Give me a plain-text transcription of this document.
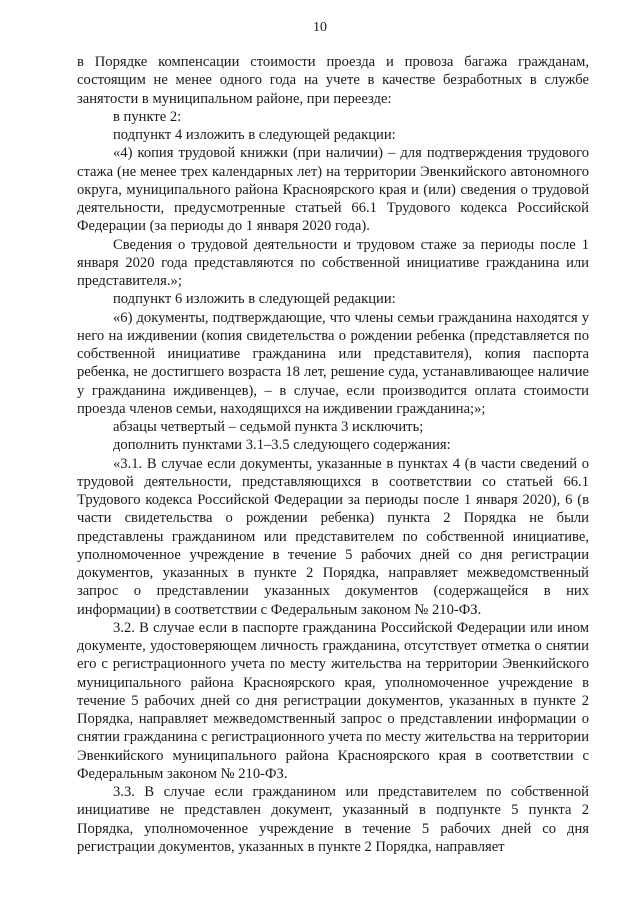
10

в Порядке компенсации стоимости проезда и провоза багажа гражданам, состоящим не менее одного года на учете в качестве безработных в службе занятости в муниципальном районе, при переезде:

в пункте 2:

подпункт 4 изложить в следующей редакции:

«4) копия трудовой книжки (при наличии) – для подтверждения трудового стажа (не менее трех календарных лет) на территории Эвенкийского автономного округа, муниципального района Красноярского края и (или) сведения о трудовой деятельности, предусмотренные статьей 66.1 Трудового кодекса Российской Федерации (за периоды до 1 января 2020 года).

Сведения о трудовой деятельности и трудовом стаже за периоды после 1 января 2020 года представляются по собственной инициативе гражданина или представителя.»;

подпункт 6 изложить в следующей редакции:

«6) документы, подтверждающие, что члены семьи гражданина находятся у него на иждивении (копия свидетельства о рождении ребенка (представляется по собственной инициативе гражданина или представителя), копия паспорта ребенка, не достигшего возраста 18 лет, решение суда, устанавливающее наличие у гражданина иждивенцев), – в случае, если производится оплата стоимости проезда членов семьи, находящихся на иждивении гражданина;»;

абзацы четвертый – седьмой пункта 3 исключить;

дополнить пунктами 3.1–3.5 следующего содержания:

«3.1. В случае если документы, указанные в пунктах 4 (в части сведений о трудовой деятельности, представляющихся в соответствии со статьей 66.1 Трудового кодекса Российской Федерации за периоды после 1 января 2020), 6 (в части свидетельства о рождении ребенка) пункта 2 Порядка не были представлены гражданином или представителем по собственной инициативе, уполномоченное учреждение в течение 5 рабочих дней со дня регистрации документов, указанных в пункте 2 Порядка, направляет межведомственный запрос о представлении указанных документов (содержащейся в них информации) в соответствии с Федеральным законом № 210-ФЗ.

3.2. В случае если в паспорте гражданина Российской Федерации или ином документе, удостоверяющем личность гражданина, отсутствует отметка о снятии его с регистрационного учета по месту жительства на территории Эвенкийского муниципального района Красноярского края, уполномоченное учреждение в течение 5 рабочих дней со дня регистрации документов, указанных в пункте 2 Порядка, направляет межведомственный запрос о представлении информации о снятии гражданина с регистрационного учета по месту жительства на территории Эвенкийского муниципального района Красноярского края в соответствии с Федеральным законом № 210-ФЗ.

3.3. В случае если гражданином или представителем по собственной инициативе не представлен документ, указанный в подпункте 5 пункта 2 Порядка, уполномоченное учреждение в течение 5 рабочих дней со дня регистрации документов, указанных в пункте 2 Порядка, направляет
